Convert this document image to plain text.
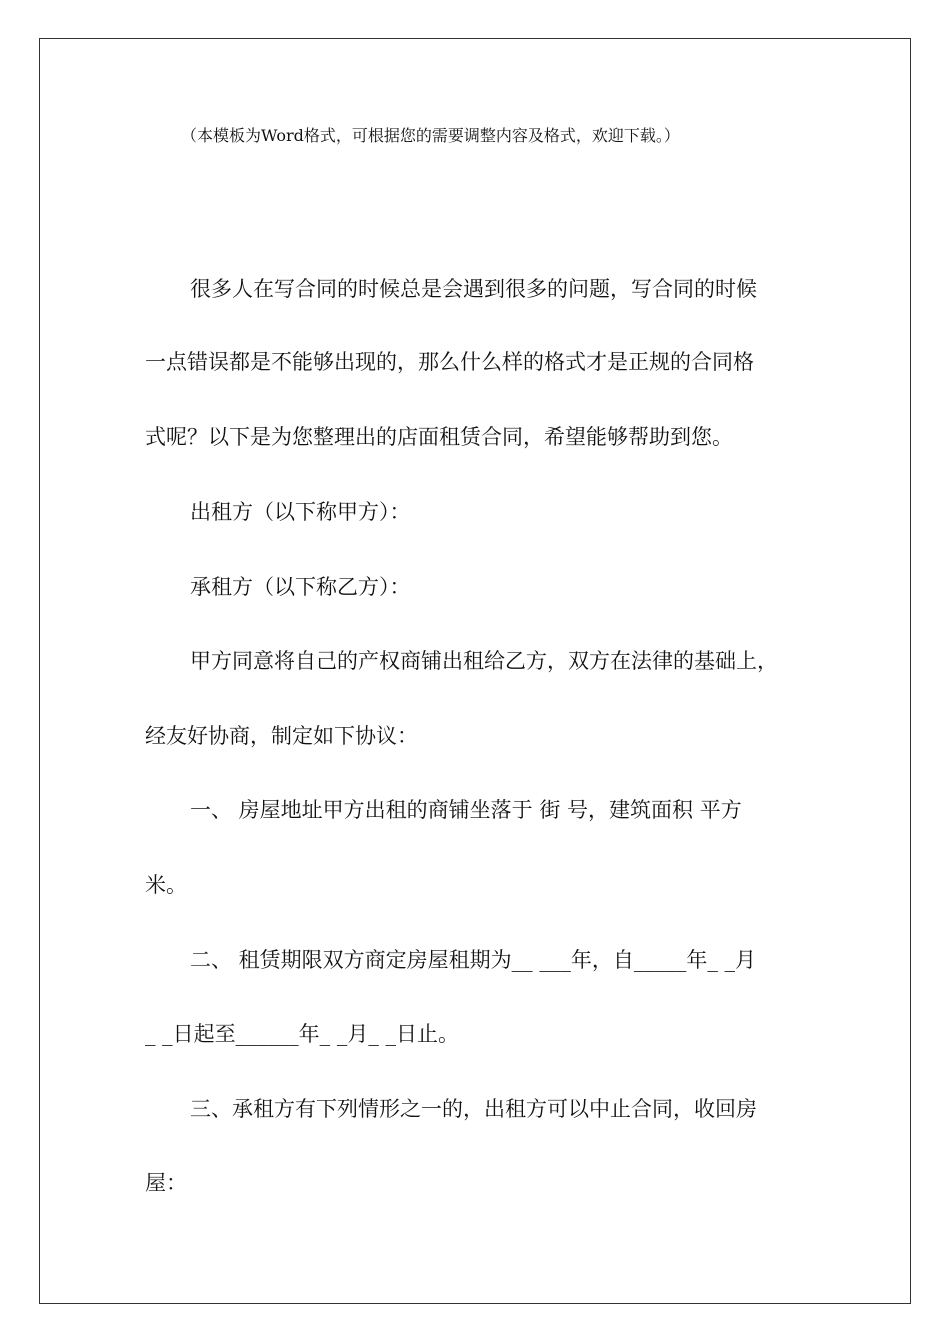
（本模板为Word格式，可根据您的需要调整内容及格式，欢迎下载。）
很多人在写合同的时候总是会遇到很多的问题，写合同的时候
一点错误都是不能够出现的，那么什么样的格式才是正规的合同格
式呢？以下是为您整理出的店面租赁合同，希望能够帮助到您。
出租方（以下称甲方）：
承租方（以下称乙方）：
甲方同意将自己的产权商铺出租给乙方，双方在法律的基础上，
经友好协商，制定如下协议：
一、 房屋地址甲方出租的商铺坐落于 街 号，建筑面积 平方
米。
二、 租赁期限双方商定房屋租期为__ ___年，自_____年_ _月
_ _日起至______年_ _月_ _日止。
三、承租方有下列情形之一的，出租方可以中止合同，收回房
屋：
